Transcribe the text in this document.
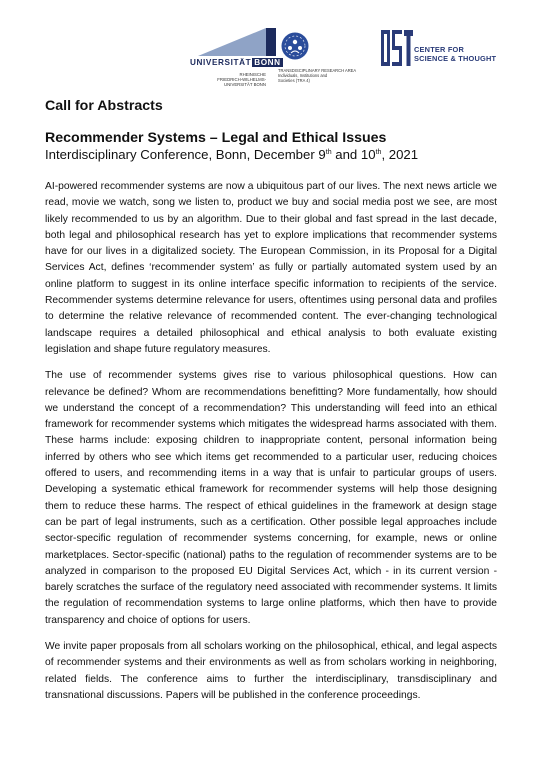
UNIVERSITÄT BONN
RHEINISCHE
FRIEDRICH-WILHELMS-
UNIVERSITÄT BONN
TRANSDISCIPLINARY RESEARCH AREA
Individuals, Institutions and
Societies (TRA 4)
CENTER FOR
SCIENCE & THOUGHT
Call for Abstracts
Recommender Systems – Legal and Ethical Issues

Interdisciplinary Conference, Bonn, December 9th and 10th, 2021

AI-powered recommender systems are now a ubiquitous part of our lives. The next news article we read, movie we watch, song we listen to, product we buy and social media post we see, are most likely recommended to us by an algorithm. Due to their global and fast spread in the last decade, both legal and philosophical research has yet to explore implications that recommender systems have for our lives in a digitalized society. The European Commission, in its Proposal for a Digital Services Act, defines ‘recommender system’ as fully or partially automated system used by an online platform to suggest in its online interface specific information to recipients of the service. Recommender systems determine relevance for users, oftentimes using personal data and profiles to determine the relative relevance of recommended content. The ever-changing technological landscape requires a detailed philosophical and ethical analysis to both evaluate existing legislation and shape future regulatory measures.

The use of recommender systems gives rise to various philosophical questions. How can relevance be defined? Whom are recommendations benefitting? More fundamentally, how should we understand the concept of a recommendation? This understanding will feed into an ethical framework for recommender systems which mitigates the widespread harms associated with them. These harms include: exposing children to inappropriate content, personal information being inferred by others who see which items get recommended to a particular user, reducing choices offered to users, and recommending items in a way that is unfair to particular groups of users. Developing a systematic ethical framework for recommender systems will help those designing them to reduce these harms. The respect of ethical guidelines in the framework at design stage can be part of legal instruments, such as a certification. Other possible legal approaches include sector-specific regulation of recommender systems concerning, for example, news or online marketplaces. Sector-specific (national) paths to the regulation of recommender systems are to be analyzed in comparison to the proposed EU Digital Services Act, which - in its current version - barely scratches the surface of the regulatory need associated with recommender systems. It limits the regulation of recommendation systems to large online platforms, which then have to provide transparency and choice of options for users.

We invite paper proposals from all scholars working on the philosophical, ethical, and legal aspects of recommender systems and their environments as well as from scholars working in neighboring, related fields. The conference aims to further the interdisciplinary, transdisciplinary and transnational discussions. Papers will be published in the conference proceedings.
